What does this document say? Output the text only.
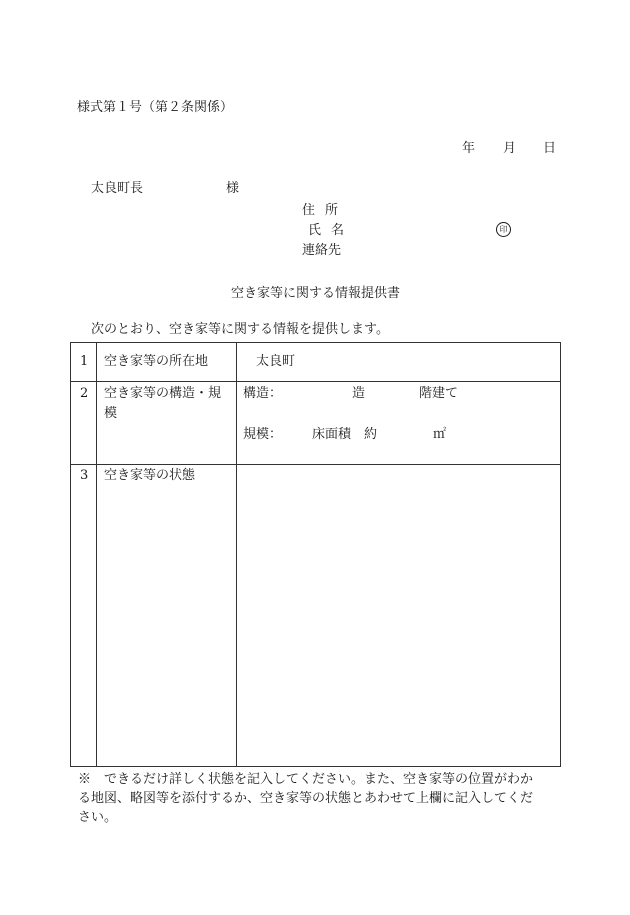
様式第１号（第２条関係）
年 月 日
太良町長	様
住所
氏名	印
連絡先
空き家等に関する情報提供書
次のとおり、空き家等に関する情報を提供します。
1 空き家等の所在地	太良町
2 空き家等の構造・規
模
構造：	造	階建て
規模： 床面積　約	㎡
3 空き家等の状態
※　できるだけ詳しく状態を記入してください。また、空き家等の位置がわか
る地図、略図等を添付するか、空き家等の状態とあわせて上欄に記入してくだ
さい。
